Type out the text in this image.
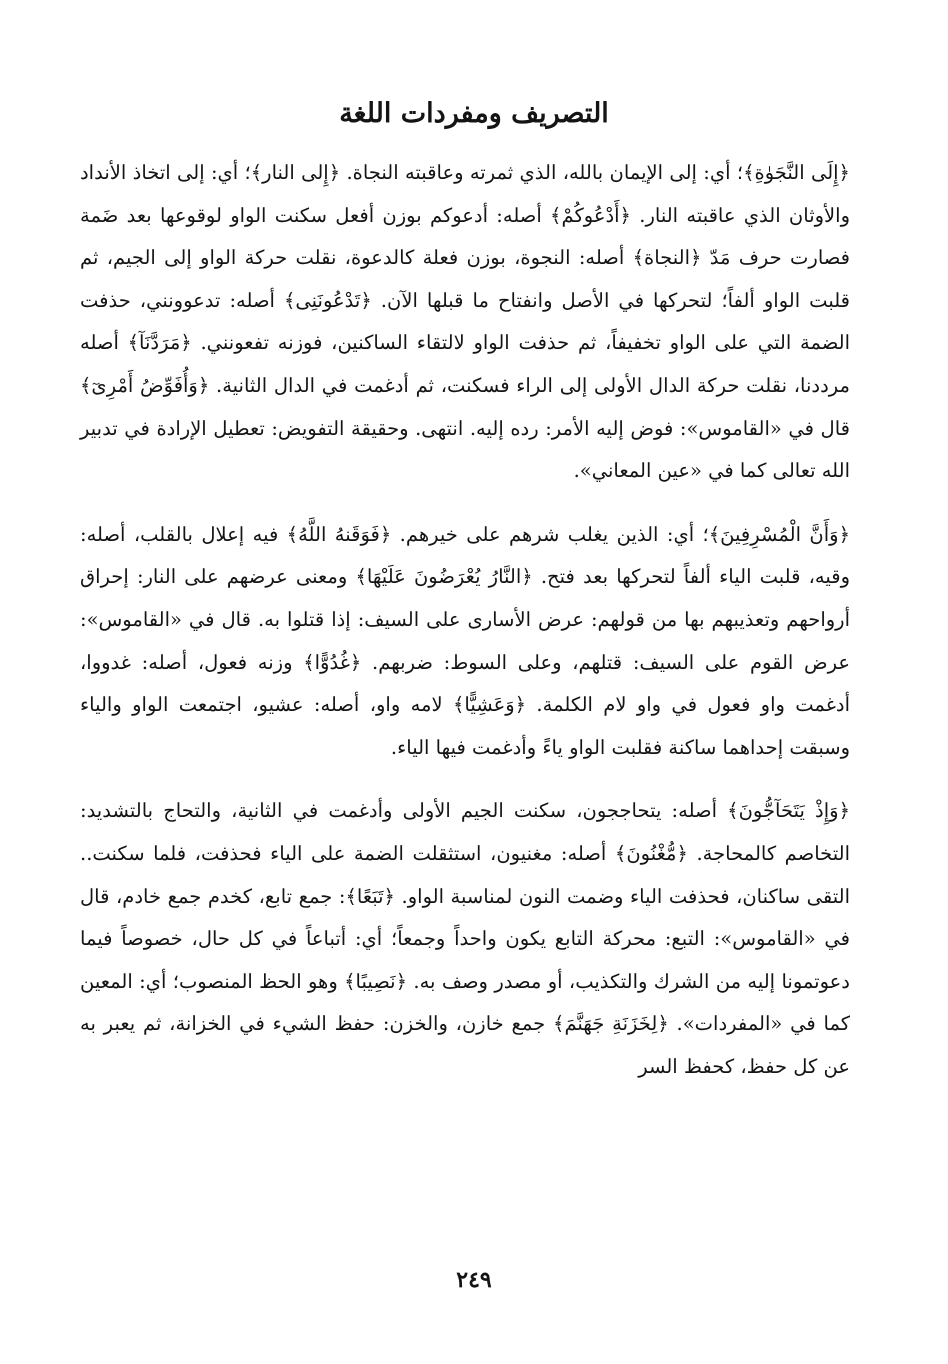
التصريف ومفردات اللغة

﴿إِلَى النَّجَوٰةِ﴾؛ أي: إلى الإيمان بالله، الذي ثمرته وعاقبته النجاة. ﴿إِلى النار﴾؛ أي: إلى اتخاذ الأنداد والأوثان الذي عاقبته النار. ﴿أَدْعُوكُمْ﴾ أصله: أدعوكم بوزن أفعل سكنت الواو لوقوعها بعد ضَمة فصارت حرف مَدّ ﴿النجاة﴾ أصله: النجوة، بوزن فعلة كالدعوة، نقلت حركة الواو إلى الجيم، ثم قلبت الواو ألفاً؛ لتحركها في الأصل وانفتاح ما قبلها الآن. ﴿تَدْعُونَنِى﴾ أصله: تدعوونني، حذفت الضمة التي على الواو تخفيفاً، ثم حذفت الواو لالتقاء الساكنين، فوزنه تفعونني. ﴿مَرَدَّنَآ﴾ أصله مرددنا، نقلت حركة الدال الأولى إلى الراء فسكنت، ثم أدغمت في الدال الثانية. ﴿وَأُفَوِّضُ أَمْرِىٓ﴾ قال في «القاموس»: فوض إليه الأمر: رده إليه. انتهى. وحقيقة التفويض: تعطيل الإرادة في تدبير الله تعالى كما في «عين المعاني».

﴿وَأَنَّ الْمُسْرِفِينَ﴾؛ أي: الذين يغلب شرهم على خيرهم. ﴿فَوَقَنهُ اللَّهُ﴾ فيه إعلال بالقلب، أصله: وقيه، قلبت الياء ألفاً لتحركها بعد فتح. ﴿النَّارُ يُعْرَضُونَ عَلَيْهَا﴾ ومعنى عرضهم على النار: إحراق أرواحهم وتعذيبهم بها من قولهم: عرض الأسارى على السيف: إذا قتلوا به. قال في «القاموس»: عرض القوم على السيف: قتلهم، وعلى السوط: ضربهم. ﴿غُدُوًّا﴾ وزنه فعول، أصله: غدووا، أدغمت واو فعول في واو لام الكلمة. ﴿وَعَشِيًّا﴾ لامه واو، أصله: عشيو، اجتمعت الواو والياء وسبقت إحداهما ساكنة فقلبت الواو ياءً وأدغمت فيها الياء.

﴿وَإِذْ يَتَحَآجُّونَ﴾ أصله: يتحاججون، سكنت الجيم الأولى وأدغمت في الثانية، والتحاج بالتشديد: التخاصم كالمحاجة. ﴿مُّغْنُونَ﴾ أصله: مغنيون، استثقلت الضمة على الياء فحذفت، فلما سكنت.. التقى ساكنان، فحذفت الياء وضمت النون لمناسبة الواو. ﴿تَبَعًا﴾: جمع تابع، كخدم جمع خادم، قال في «القاموس»: التبع: محركة التابع يكون واحداً وجمعاً؛ أي: أتباعاً في كل حال، خصوصاً فيما دعوتمونا إليه من الشرك والتكذيب، أو مصدر وصف به. ﴿نَصِيبًا﴾ وهو الحظ المنصوب؛ أي: المعين كما في «المفردات». ﴿لِخَزَنَةِ جَهَنَّمَ﴾ جمع خازن، والخزن: حفظ الشيء في الخزانة، ثم يعبر به عن كل حفظ، كحفظ السر

٢٤٩
